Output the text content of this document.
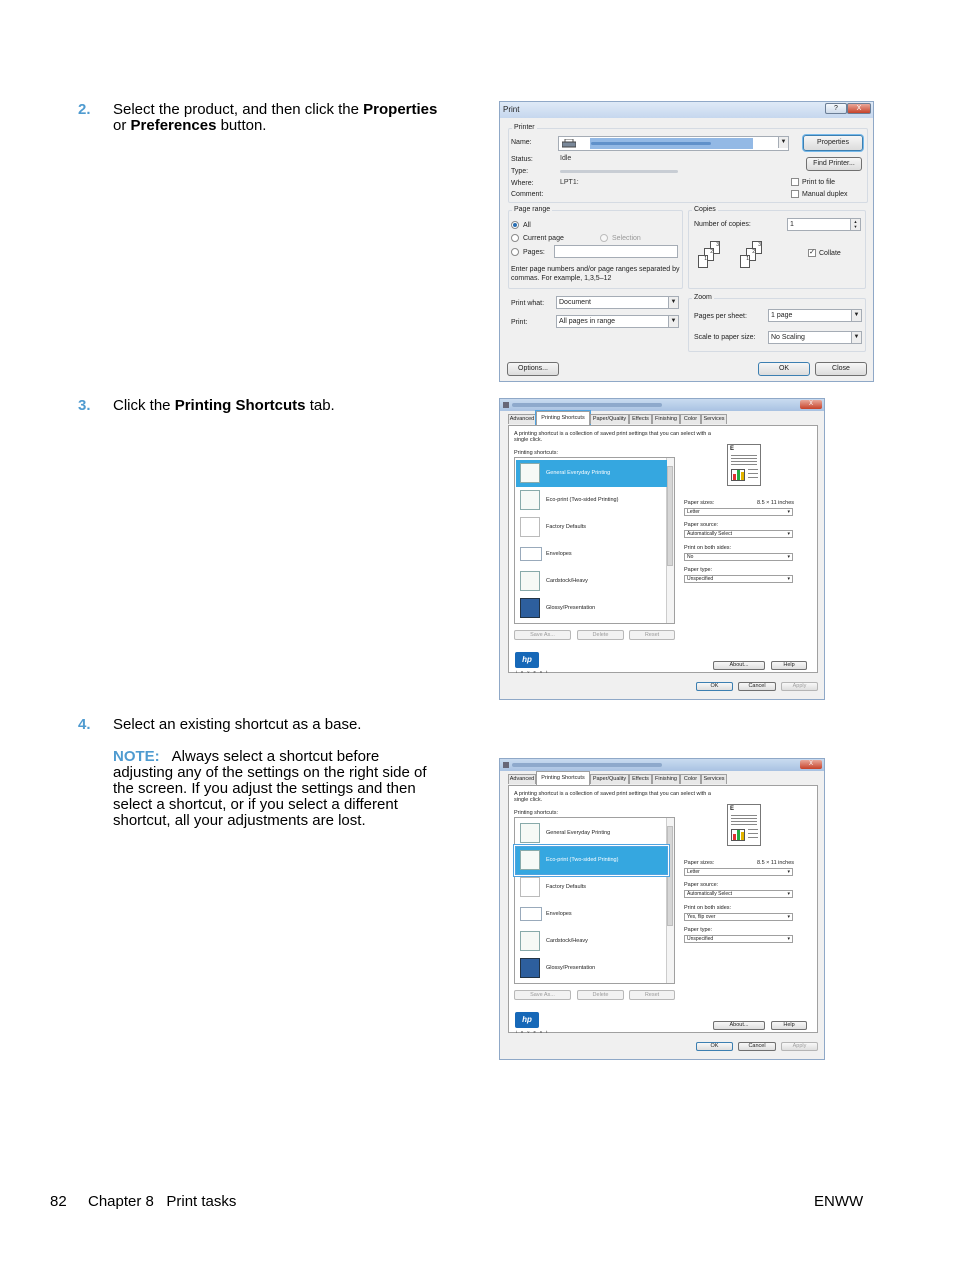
2. Select the product, and then click the Properties or Preferences button.
3. Click the Printing Shortcuts tab.
4. Select an existing shortcut as a base.
NOTE: Always select a shortcut before adjusting any of the settings on the right side of the screen. If you adjust the settings and then select a shortcut, or if you select a different shortcut, all your adjustments are lost.
Print	?	X
Printer
Name:	▼
Status:	Idle
Type:
Where:	LPT1:
Comment:
Properties
Find Printer...
Print to file
Manual duplex
Page range
All
Current page	Selection
Pages:
Enter page numbers and/or page ranges separated by commas. For example, 1,3,5–12
Copies
Number of copies:	1	▲
▼
3
2
1
3
2
1
✓ Collate
Print what:	Document	▼
Print:	All pages in range	▼
Zoom
Pages per sheet:	1 page	▼
Scale to paper size:	No Scaling	▼
Options...	OK	Close
X
Advanced	Printing Shortcuts	Paper/Quality	Effects	Finishing	Color	Services
A printing shortcut is a collection of saved print settings that you can select with a single click.
Printing shortcuts:
General Everyday Printing
Eco-print (Two-sided Printing)
Factory Defaults
Envelopes
Cardstock/Heavy
Glossy/Presentation
Save As...	Delete	Reset
E
Paper sizes:	8.5 × 11 inches
Letter ▾
Paper source:
Automatically Select ▾
Print on both sides:
No ▾
Paper type:
Unspecified ▾
About...	Help
hp
i n v e n t
OK	Cancel	Apply
X
Advanced	Printing Shortcuts	Paper/Quality	Effects	Finishing	Color	Services
A printing shortcut is a collection of saved print settings that you can select with a single click.
Printing shortcuts:
General Everyday Printing
Eco-print (Two-sided Printing)
Factory Defaults
Envelopes
Cardstock/Heavy
Glossy/Presentation
Save As...	Delete	Reset
E
Paper sizes:	8.5 × 11 inches
Letter ▾
Paper source:
Automatically Select ▾
Print on both sides:
Yes, flip over ▾
Paper type:
Unspecified ▾
About...	Help
hp
i n v e n t
OK	Cancel	Apply
82 Chapter 8   Print tasks	ENWW
